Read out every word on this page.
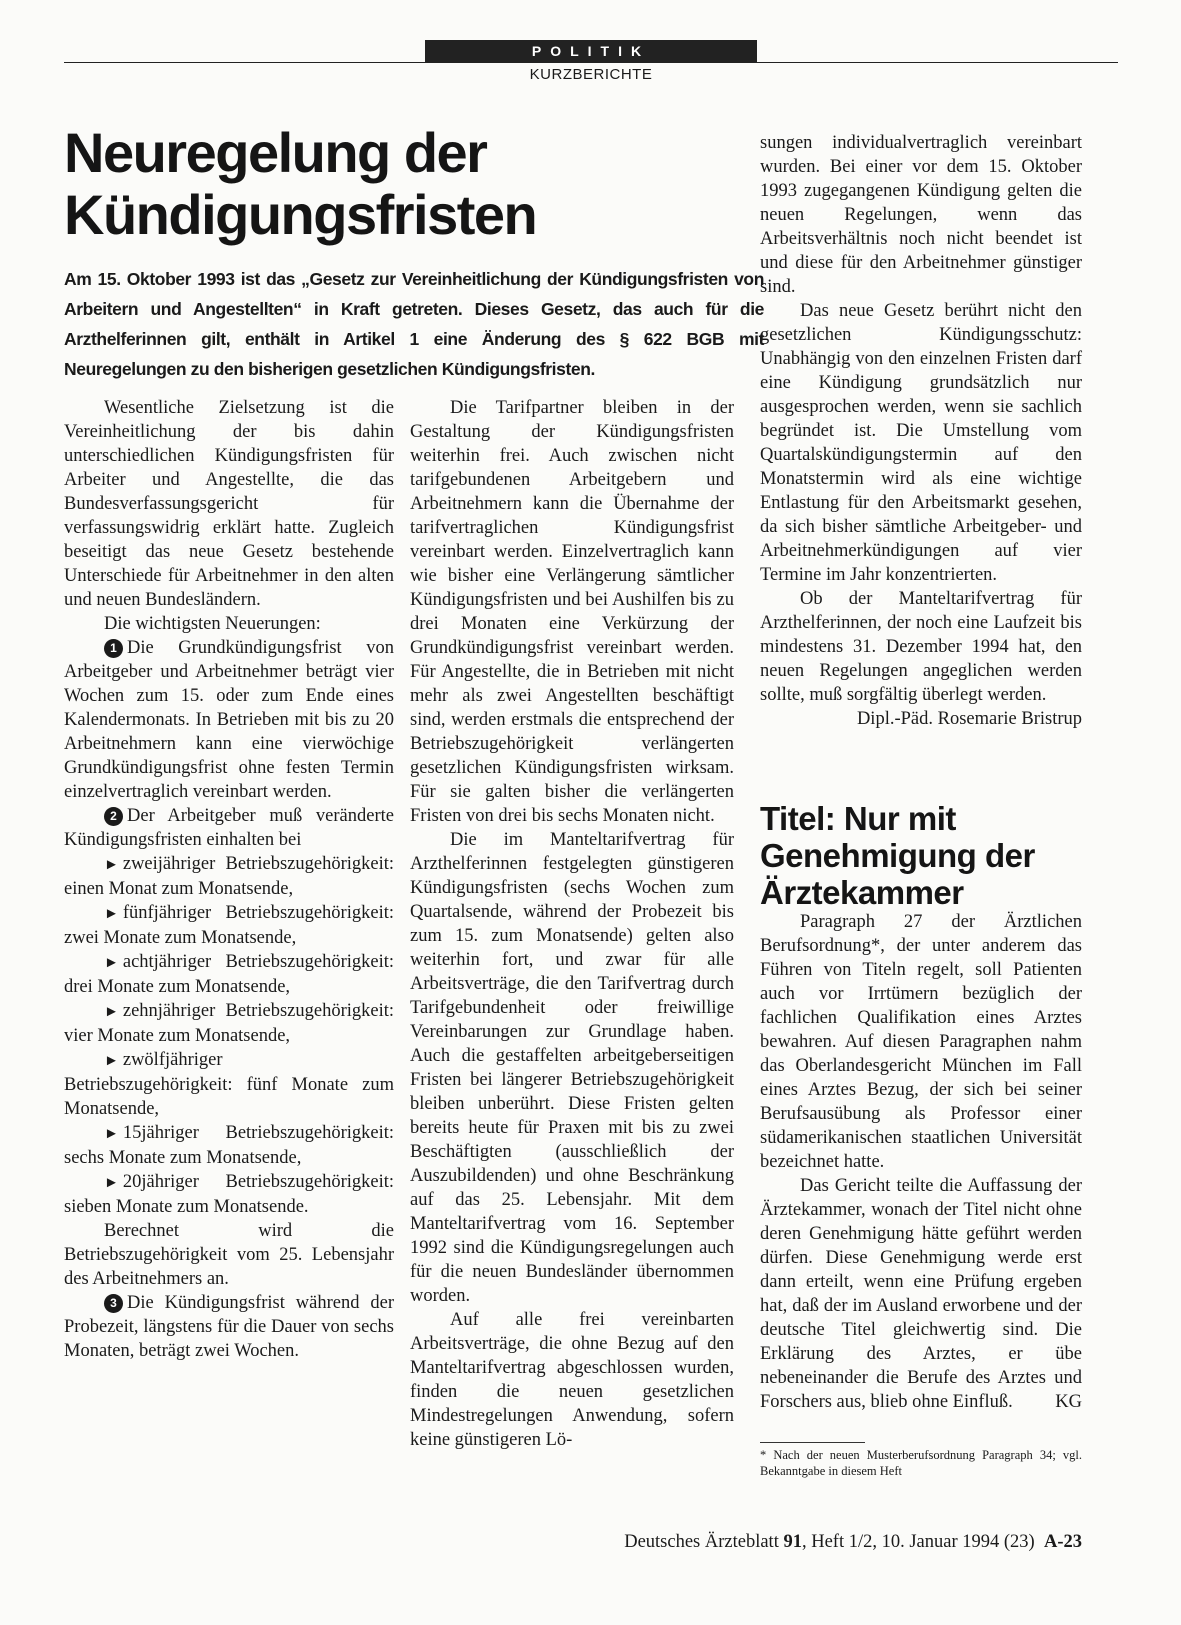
POLITIK
KURZBERICHTE
Neuregelung der Kündigungsfristen

Am 15. Oktober 1993 ist das „Gesetz zur Vereinheitlichung der Kündigungsfristen von Arbeitern und Angestellten“ in Kraft getreten. Dieses Gesetz, das auch für die Arzthelferinnen gilt, enthält in Artikel 1 eine Änderung des § 622 BGB mit Neuregelungen zu den bisherigen gesetzlichen Kündigungsfristen.

Wesentliche Zielsetzung ist die Vereinheitlichung der bis dahin unterschiedlichen Kündigungsfristen für Arbeiter und Angestellte, die das Bundesverfassungsgericht für verfassungswidrig erklärt hatte. Zugleich beseitigt das neue Gesetz bestehende Unterschiede für Arbeitnehmer in den alten und neuen Bundesländern.

Die wichtigsten Neuerungen:

1 Die Grundkündigungsfrist von Arbeitgeber und Arbeitnehmer beträgt vier Wochen zum 15. oder zum Ende eines Kalendermonats. In Betrieben mit bis zu 20 Arbeitnehmern kann eine vierwöchige Grundkündigungsfrist ohne festen Termin einzelvertraglich vereinbart werden.

2 Der Arbeitgeber muß veränderte Kündigungsfristen einhalten bei

► zweijähriger Betriebszugehörigkeit: einen Monat zum Monatsende,

► fünfjähriger Betriebszugehörigkeit: zwei Monate zum Monatsende,

► achtjähriger Betriebszugehörigkeit: drei Monate zum Monatsende,

► zehnjähriger Betriebszugehörigkeit: vier Monate zum Monatsende,

► zwölfjähriger Betriebszugehörigkeit: fünf Monate zum Monatsende,

► 15jähriger Betriebszugehörigkeit: sechs Monate zum Monatsende,

► 20jähriger Betriebszugehörigkeit: sieben Monate zum Monatsende.

Berechnet wird die Betriebszugehörigkeit vom 25. Lebensjahr des Arbeitnehmers an.

3 Die Kündigungsfrist während der Probezeit, längstens für die Dauer von sechs Monaten, beträgt zwei Wochen.

Die Tarifpartner bleiben in der Gestaltung der Kündigungsfristen weiterhin frei. Auch zwischen nicht tarifgebundenen Arbeitgebern und Arbeitnehmern kann die Übernahme der tarifvertraglichen Kündigungsfrist vereinbart werden. Einzelvertraglich kann wie bisher eine Verlängerung sämtlicher Kündigungsfristen und bei Aushilfen bis zu drei Monaten eine Verkürzung der Grundkündigungsfrist vereinbart werden. Für Angestellte, die in Betrieben mit nicht mehr als zwei Angestellten beschäftigt sind, werden erstmals die entsprechend der Betriebszugehörigkeit verlängerten gesetzlichen Kündigungsfristen wirksam. Für sie galten bisher die verlängerten Fristen von drei bis sechs Monaten nicht.

Die im Manteltarifvertrag für Arzthelferinnen festgelegten günstigeren Kündigungsfristen (sechs Wochen zum Quartalsende, während der Probezeit bis zum 15. zum Monatsende) gelten also weiterhin fort, und zwar für alle Arbeitsverträge, die den Tarifvertrag durch Tarifgebundenheit oder freiwillige Vereinbarungen zur Grundlage haben. Auch die gestaffelten arbeitgeberseitigen Fristen bei längerer Betriebszugehörigkeit bleiben unberührt. Diese Fristen gelten bereits heute für Praxen mit bis zu zwei Beschäftigten (ausschließlich der Auszubildenden) und ohne Beschränkung auf das 25. Lebensjahr. Mit dem Manteltarifvertrag vom 16. September 1992 sind die Kündigungsregelungen auch für die neuen Bundesländer übernommen worden.

Auf alle frei vereinbarten Arbeitsverträge, die ohne Bezug auf den Manteltarifvertrag abgeschlossen wurden, finden die neuen gesetzlichen Mindestregelungen Anwendung, sofern keine günstigeren Lö-

sungen individualvertraglich vereinbart wurden. Bei einer vor dem 15. Oktober 1993 zugegangenen Kündigung gelten die neuen Regelungen, wenn das Arbeitsverhältnis noch nicht beendet ist und diese für den Arbeitnehmer günstiger sind.

Das neue Gesetz berührt nicht den gesetzlichen Kündigungsschutz: Unabhängig von den einzelnen Fristen darf eine Kündigung grundsätzlich nur ausgesprochen werden, wenn sie sachlich begründet ist. Die Umstellung vom Quartalskündigungstermin auf den Monatstermin wird als eine wichtige Entlastung für den Arbeitsmarkt gesehen, da sich bisher sämtliche Arbeitgeber- und Arbeitnehmerkündigungen auf vier Termine im Jahr konzentrierten.

Ob der Manteltarifvertrag für Arzthelferinnen, der noch eine Laufzeit bis mindestens 31. Dezember 1994 hat, den neuen Regelungen angeglichen werden sollte, muß sorgfältig überlegt werden.

Dipl.-Päd. Rosemarie Bristrup

Titel: Nur mit Genehmigung der Ärztekammer

Paragraph 27 der Ärztlichen Berufsordnung*, der unter anderem das Führen von Titeln regelt, soll Patienten auch vor Irrtümern bezüglich der fachlichen Qualifikation eines Arztes bewahren. Auf diesen Paragraphen nahm das Oberlandesgericht München im Fall eines Arztes Bezug, der sich bei seiner Berufsausübung als Professor einer südamerikanischen staatlichen Universität bezeichnet hatte.

Das Gericht teilte die Auffassung der Ärztekammer, wonach der Titel nicht ohne deren Genehmigung hätte geführt werden dürfen. Diese Genehmigung werde erst dann erteilt, wenn eine Prüfung ergeben hat, daß der im Ausland erworbene und der deutsche Titel gleichwertig sind. Die Erklärung des Arztes, er übe nebeneinander die Berufe des Arztes und Forschers aus, blieb ohne Einfluß.	KG

* Nach der neuen Musterberufsordnung Paragraph 34; vgl. Bekanntgabe in diesem Heft

Deutsches Ärzteblatt 91, Heft 1/2, 10. Januar 1994 (23) A-23
